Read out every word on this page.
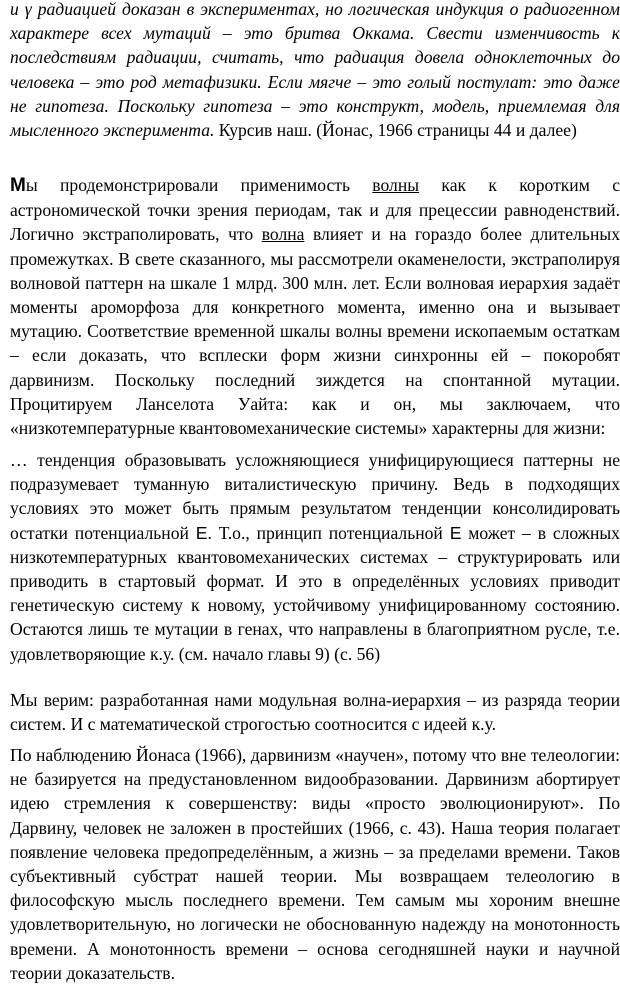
и γ радиацией доказан в экспериментах, но логическая индукция о радиогенном характере всех мутаций – это бритва Оккама. Свести изменчивость к последствиям радиации, считать, что радиация довела одноклеточных до человека – это род метафизики. Если мягче – это голый постулат: это даже не гипотеза. Поскольку гипотеза – это конструкт, модель, приемлемая для мысленного эксперимента. Курсив наш. (Йонас, 1966 страницы 44 и далее)

Мы продемонстрировали применимость волны как к коротким с астрономической точки зрения периодам, так и для прецессии равноденствий. Логично экстраполировать, что волна влияет и на гораздо более длительных промежутках. В свете сказанного, мы рассмотрели окаменелости, экстраполируя волновой паттерн на шкале 1 млрд. 300 млн. лет. Если волновая иерархия задаёт моменты ароморфоза для конкретного момента, именно она и вызывает мутацию. Соответствие временной шкалы волны времени ископаемым остаткам – если доказать, что всплески форм жизни синхронны ей – покоробят дарвинизм. Поскольку последний зиждется на спонтанной мутации. Процитируем Ланселота Уайта: как и он, мы заключаем, что «низкотемпературные квантовомеханические системы» характерны для жизни:

… тенденция образовывать усложняющиеся унифицирующиеся паттерны не подразумевает туманную виталистическую причину. Ведь в подходящих условиях это может быть прямым результатом тенденции консолидировать остатки потенциальной E. Т.о., принцип потенциальной E может – в сложных низкотемпературных квантовомеханических системах – структурировать или приводить в стартовый формат. И это в определённых условиях приводит генетическую систему к новому, устойчивому унифицированному состоянию. Остаются лишь те мутации в генах, что направлены в благоприятном русле, т.е. удовлетворяющие к.у. (см. начало главы 9) (с. 56)

Мы верим: разработанная нами модульная волна-иерархия – из разряда теории систем. И с математической строгостью соотносится с идеей к.у.

По наблюдению Йонаса (1966), дарвинизм «научен», потому что вне телеологии: не базируется на предустановленном видообразовании. Дарвинизм абортирует идею стремления к совершенству: виды «просто эволюционируют». По Дарвину, человек не заложен в простейших (1966, с. 43). Наша теория полагает появление человека предопределённым, а жизнь – за пределами времени. Таков субъективный субстрат нашей теории. Мы возвращаем телеологию в философскую мысль последнего времени. Тем самым мы хороним внешне удовлетворительную, но логически не обоснованную надежду на монотонность времени. А монотонность времени – основа сегодняшней науки и научной теории доказательств.
